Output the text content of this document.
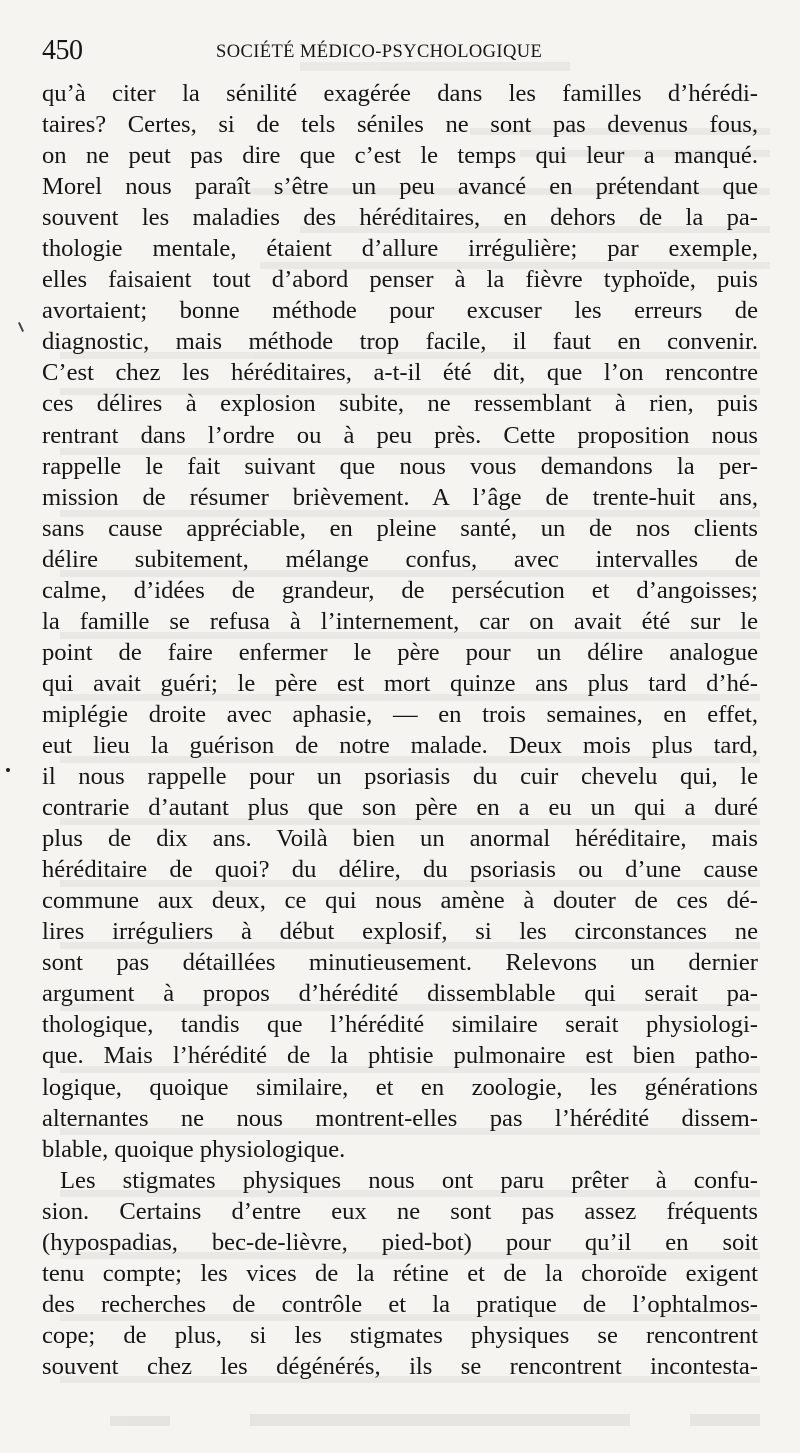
450	SOCIÉTÉ MÉDICO-PSYCHOLOGIQUE
qu’à citer la sénilité exagérée dans les familles d’hérédi-
taires? Certes, si de tels séniles ne sont pas devenus fous,
on ne peut pas dire que c’est le temps qui leur a manqué.
Morel nous paraît s’être un peu avancé en prétendant que
souvent les maladies des héréditaires, en dehors de la pa-
thologie mentale, étaient d’allure irrégulière; par exemple,
elles faisaient tout d’abord penser à la fièvre typhoïde, puis
avortaient; bonne méthode pour excuser les erreurs de
diagnostic, mais méthode trop facile, il faut en convenir.
C’est chez les héréditaires, a-t-il été dit, que l’on rencontre
ces délires à explosion subite, ne ressemblant à rien, puis
rentrant dans l’ordre ou à peu près. Cette proposition nous
rappelle le fait suivant que nous vous demandons la per-
mission de résumer brièvement. A l’âge de trente-huit ans,
sans cause appréciable, en pleine santé, un de nos clients
délire subitement, mélange confus, avec intervalles de
calme, d’idées de grandeur, de persécution et d’angoisses;
la famille se refusa à l’internement, car on avait été sur le
point de faire enfermer le père pour un délire analogue
qui avait guéri; le père est mort quinze ans plus tard d’hé-
miplégie droite avec aphasie, — en trois semaines, en effet,
eut lieu la guérison de notre malade. Deux mois plus tard,
il nous rappelle pour un psoriasis du cuir chevelu qui, le
contrarie d’autant plus que son père en a eu un qui a duré
plus de dix ans. Voilà bien un anormal héréditaire, mais
héréditaire de quoi? du délire, du psoriasis ou d’une cause
commune aux deux, ce qui nous amène à douter de ces dé-
lires irréguliers à début explosif, si les circonstances ne
sont pas détaillées minutieusement. Relevons un dernier
argument à propos d’hérédité dissemblable qui serait pa-
thologique, tandis que l’hérédité similaire serait physiologi-
que. Mais l’hérédité de la phtisie pulmonaire est bien patho-
logique, quoique similaire, et en zoologie, les générations
alternantes ne nous montrent-elles pas l’hérédité dissem-
blable, quoique physiologique.
Les stigmates physiques nous ont paru prêter à confu-
sion. Certains d’entre eux ne sont pas assez fréquents
(hypospadias, bec-de-lièvre, pied-bot) pour qu’il en soit
tenu compte; les vices de la rétine et de la choroïde exigent
des recherches de contrôle et la pratique de l’ophtalmos-
cope; de plus, si les stigmates physiques se rencontrent
souvent chez les dégénérés, ils se rencontrent incontesta-
